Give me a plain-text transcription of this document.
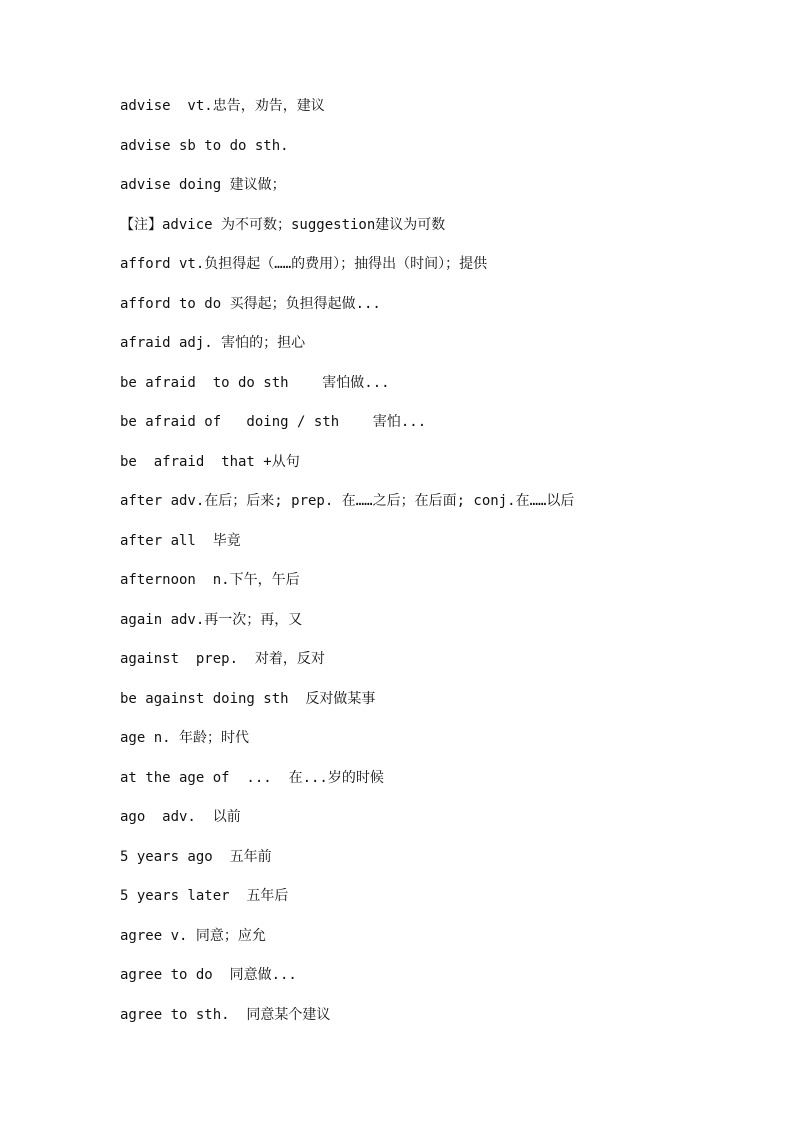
advise  vt.忠告，劝告，建议
advise sb to do sth.
advise doing 建议做；
【注】advice 为不可数；suggestion建议为可数
afford vt.负担得起（……的费用）；抽得出（时间）；提供
afford to do 买得起；负担得起做...
afraid adj. 害怕的；担心
be afraid  to do sth    害怕做...
be afraid of   doing / sth    害怕...
be  afraid  that +从句
after adv.在后；后来; prep. 在……之后；在后面; conj.在……以后
after all  毕竟
afternoon  n.下午，午后
again adv.再一次；再，又
against  prep.  对着，反对
be against doing sth  反对做某事
age n. 年龄；时代
at the age of  ...  在...岁的时候
ago  adv.  以前
5 years ago  五年前
5 years later  五年后
agree v. 同意；应允
agree to do  同意做...
agree to sth.  同意某个建议
